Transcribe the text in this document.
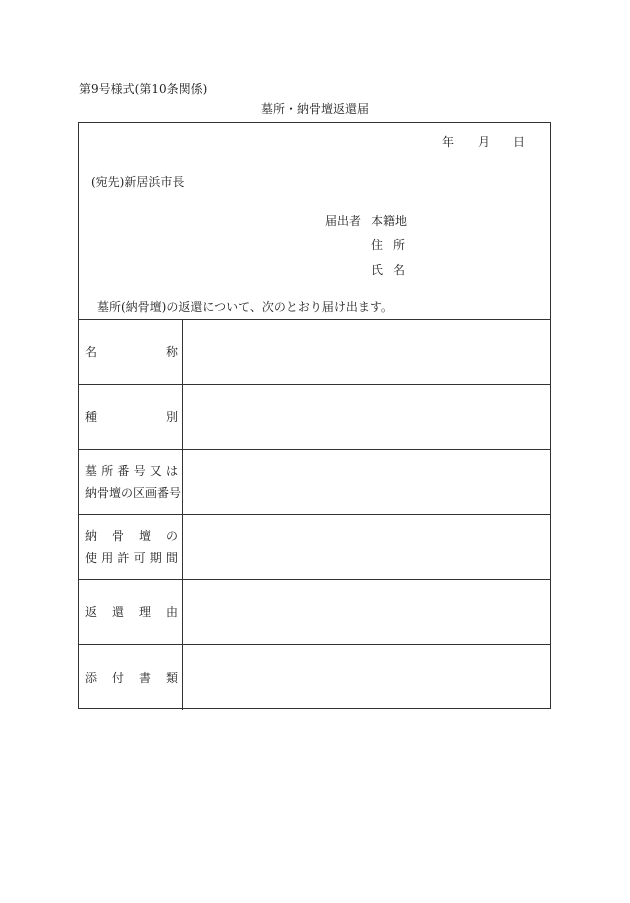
第9号様式(第10条関係)
墓所・納骨壇返還届
年 月 日
(宛先)新居浜市長
届出者 本籍地
住所
氏名
墓所(納骨壇)の返還について、次のとおり届け出ます。
名	称
種	別
墓 所 番 号 又 は
納骨壇の区画番号
納 骨 壇 の
使 用 許 可 期 間
返 還 理 由
添 付 書 類
